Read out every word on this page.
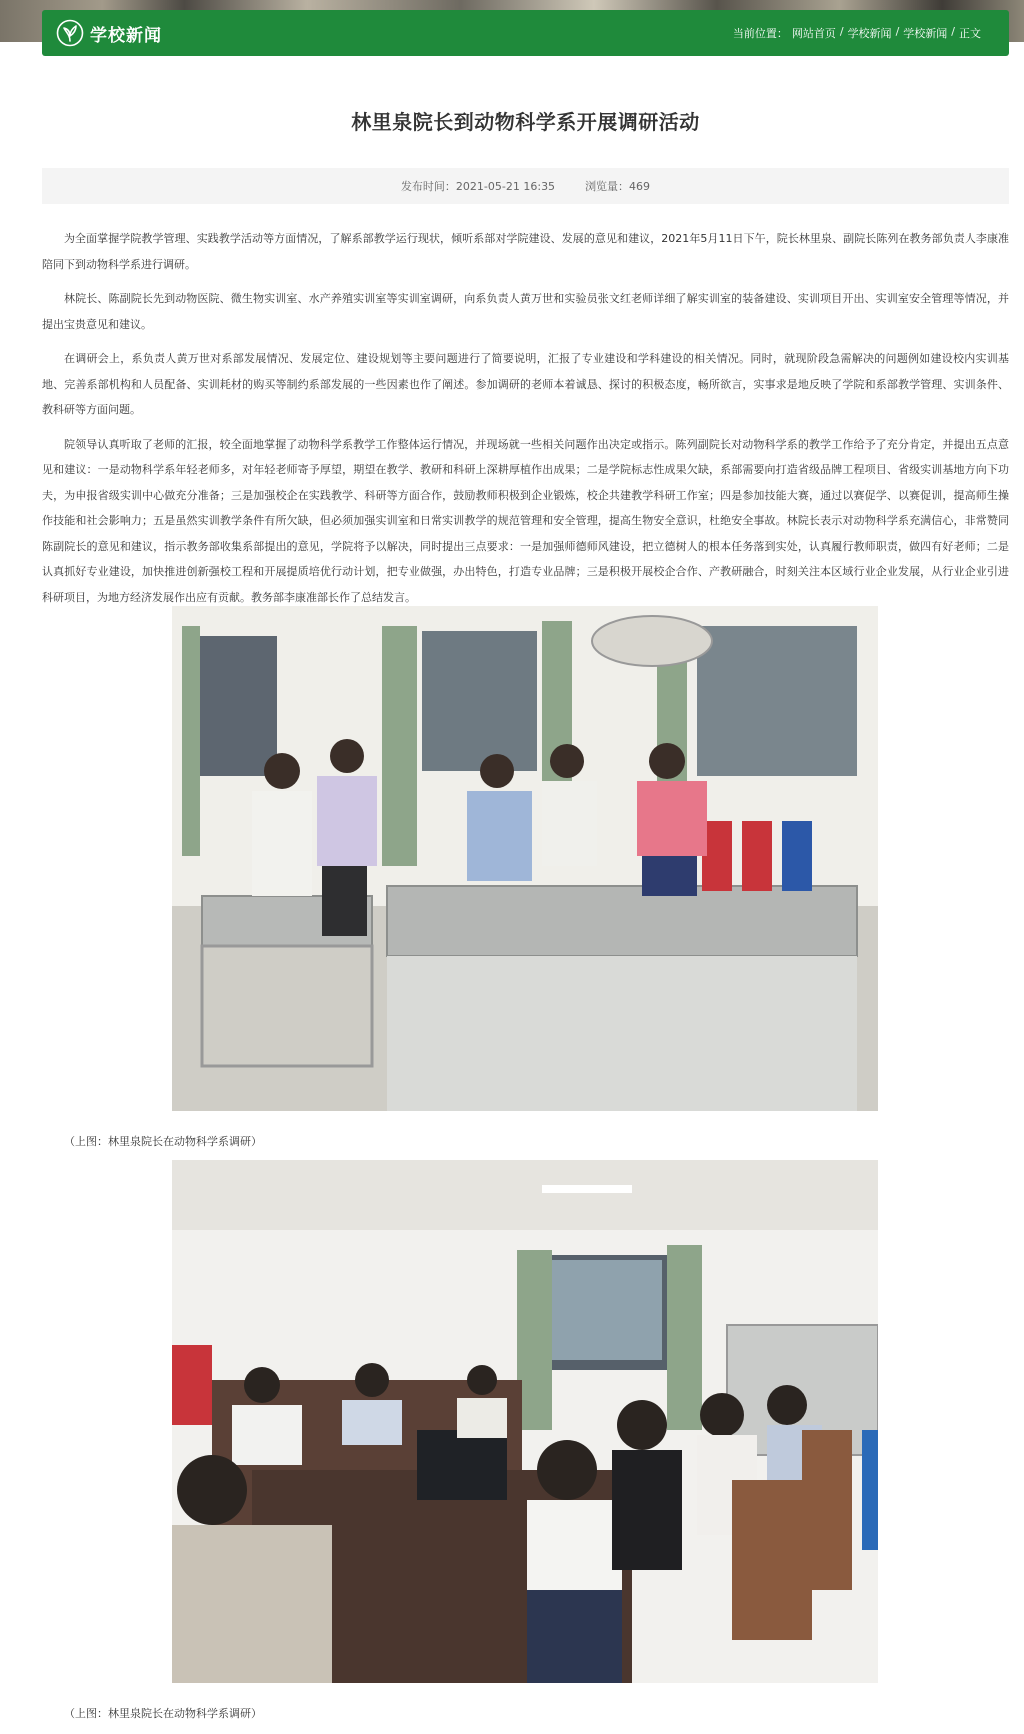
学校新闻	当前位置： 网站首页 / 学校新闻 / 学校新闻 / 正文
林里泉院长到动物科学系开展调研活动
发布时间：2021-05-21 16:35	浏览量：469

为全面掌握学院教学管理、实践教学活动等方面情况，了解系部教学运行现状，倾听系部对学院建设、发展的意见和建议，2021年5月11日下午，院长林里泉、副院长陈列在教务部负责人李康准陪同下到动物科学系进行调研。

林院长、陈副院长先到动物医院、微生物实训室、水产养殖实训室等实训室调研，向系负责人黄万世和实验员张文红老师详细了解实训室的装备建设、实训项目开出、实训室安全管理等情况，并提出宝贵意见和建议。

在调研会上，系负责人黄万世对系部发展情况、发展定位、建设规划等主要问题进行了简要说明，汇报了专业建设和学科建设的相关情况。同时，就现阶段急需解决的问题例如建设校内实训基地、完善系部机构和人员配备、实训耗材的购买等制约系部发展的一些因素也作了阐述。参加调研的老师本着诚恳、探讨的积极态度，畅所欲言，实事求是地反映了学院和系部教学管理、实训条件、教科研等方面问题。

院领导认真听取了老师的汇报，较全面地掌握了动物科学系教学工作整体运行情况，并现场就一些相关问题作出决定或指示。陈列副院长对动物科学系的教学工作给予了充分肯定，并提出五点意见和建议：一是动物科学系年轻老师多，对年轻老师寄予厚望，期望在教学、教研和科研上深耕厚植作出成果；二是学院标志性成果欠缺，系部需要向打造省级品牌工程项目、省级实训基地方向下功夫，为申报省级实训中心做充分准备；三是加强校企在实践教学、科研等方面合作，鼓励教师积极到企业锻炼，校企共建教学科研工作室；四是参加技能大赛，通过以赛促学、以赛促训，提高师生操作技能和社会影响力；五是虽然实训教学条件有所欠缺，但必须加强实训室和日常实训教学的规范管理和安全管理，提高生物安全意识，杜绝安全事故。林院长表示对动物科学系充满信心，非常赞同陈副院长的意见和建议，指示教务部收集系部提出的意见，学院将予以解决，同时提出三点要求：一是加强师德师风建设，把立德树人的根本任务落到实处，认真履行教师职责，做四有好老师；二是认真抓好专业建设，加快推进创新强校工程和开展提质培优行动计划，把专业做强，办出特色，打造专业品牌；三是积极开展校企合作、产教研融合，时刻关注本区域行业企业发展，从行业企业引进科研项目，为地方经济发展作出应有贡献。教务部李康准部长作了总结发言。

（上图：林里泉院长在动物科学系调研）
（上图：林里泉院长在动物科学系调研）
